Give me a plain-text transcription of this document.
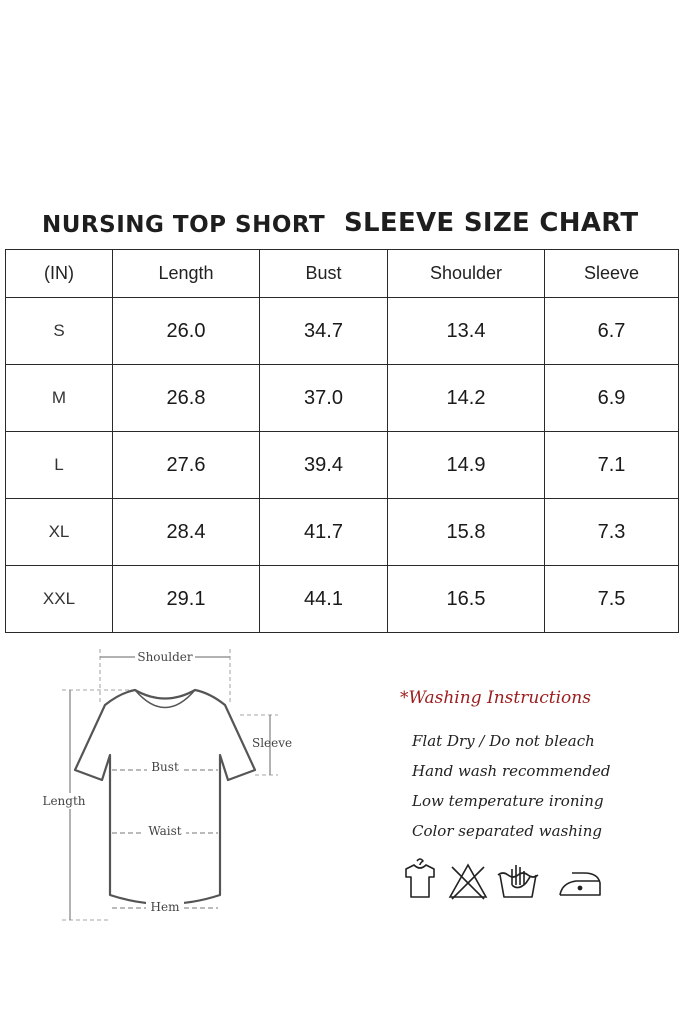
NURSING TOP SHORT SLEEVE SIZE CHART
(IN)	Length	Bust	Shoulder	Sleeve
S	26.0	34.7	13.4	6.7
M	26.8	37.0	14.2	6.9
L	27.6	39.4	14.9	7.1
XL	28.4	41.7	15.8	7.3
XXL	29.1	44.1	16.5	7.5
Shoulder
Sleeve
Bust
Waist
Hem
Length
*Washing Instructions
Flat Dry / Do not bleach
Hand wash recommended
Low temperature ironing
Color separated washing
